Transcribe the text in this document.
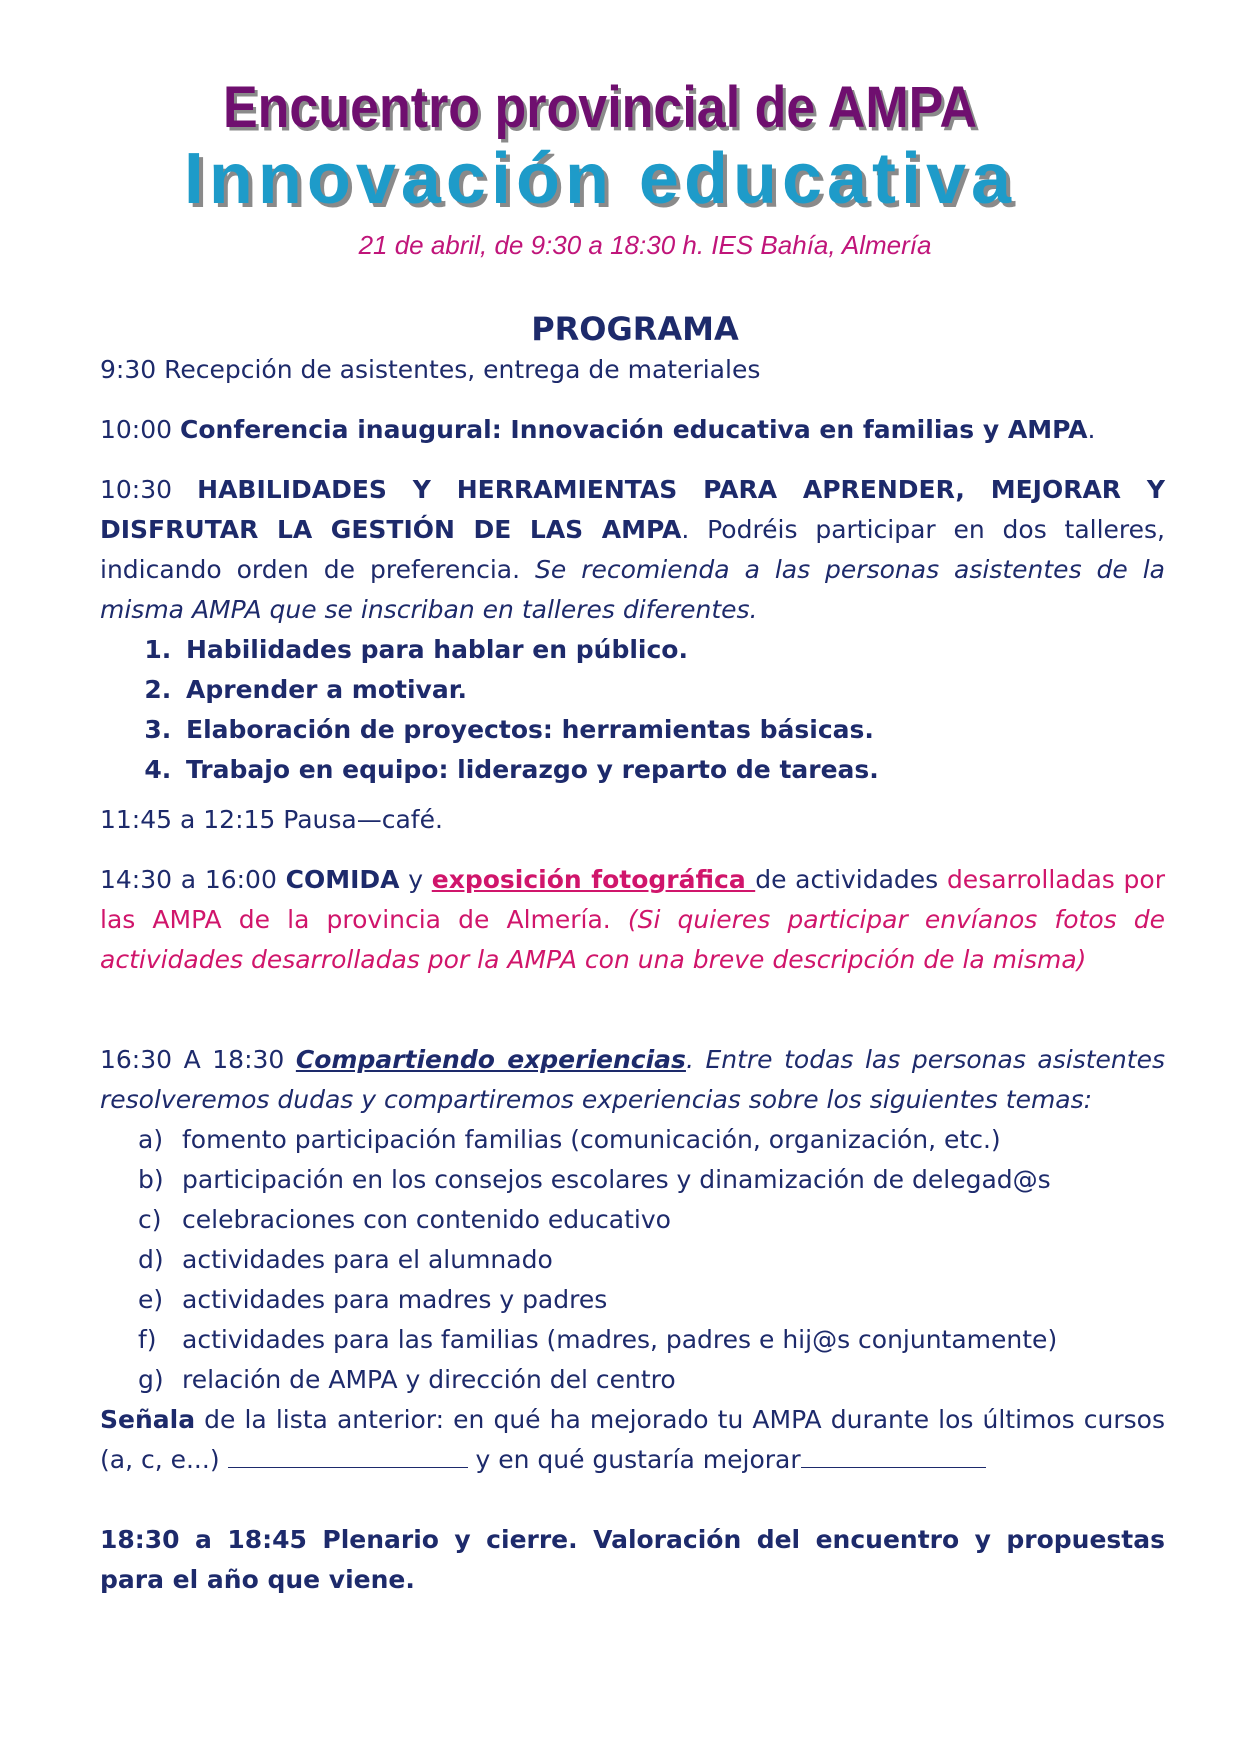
Encuentro provincial de AMPA
Innovación educativa
21 de abril, de 9:30 a 18:30 h. IES Bahía, Almería
PROGRAMA

9:30 Recepción de asistentes, entrega de materiales

10:00 Conferencia inaugural: Innovación educativa en familias y AMPA.

10:30 HABILIDADES Y HERRAMIENTAS PARA APRENDER, MEJORAR Y DISFRUTAR LA GESTIÓN DE LAS AMPA. Podréis participar en dos talleres, indicando orden de preferencia. Se recomienda a las personas asistentes de la misma AMPA que se inscriban en talleres diferentes.

1. Habilidades para hablar en público.
2. Aprender a motivar.
3. Elaboración de proyectos: herramientas básicas.
4. Trabajo en equipo: liderazgo y reparto de tareas.

11:45 a 12:15 Pausa—café.

14:30 a 16:00 COMIDA y exposición fotográfica de actividades desarrolladas por las AMPA de la provincia de Almería. (Si quieres participar envíanos fotos de actividades desarrolladas por la AMPA con una breve descripción de la misma)

16:30 A 18:30 Compartiendo experiencias. Entre todas las personas asistentes resolveremos dudas y compartiremos experiencias sobre los siguientes temas:

a) fomento participación familias (comunicación, organización, etc.)
b) participación en los consejos escolares y dinamización de delegad@s
c) celebraciones con contenido educativo
d) actividades para el alumnado
e) actividades para madres y padres
f) actividades para las familias (madres, padres e hij@s conjuntamente)
g) relación de AMPA y dirección del centro

Señala de la lista anterior: en qué ha mejorado tu AMPA durante los últimos cursos (a, c, e...)	y en qué gustaría mejorar

18:30 a 18:45 Plenario y cierre. Valoración del encuentro y propuestas para el año que viene.
